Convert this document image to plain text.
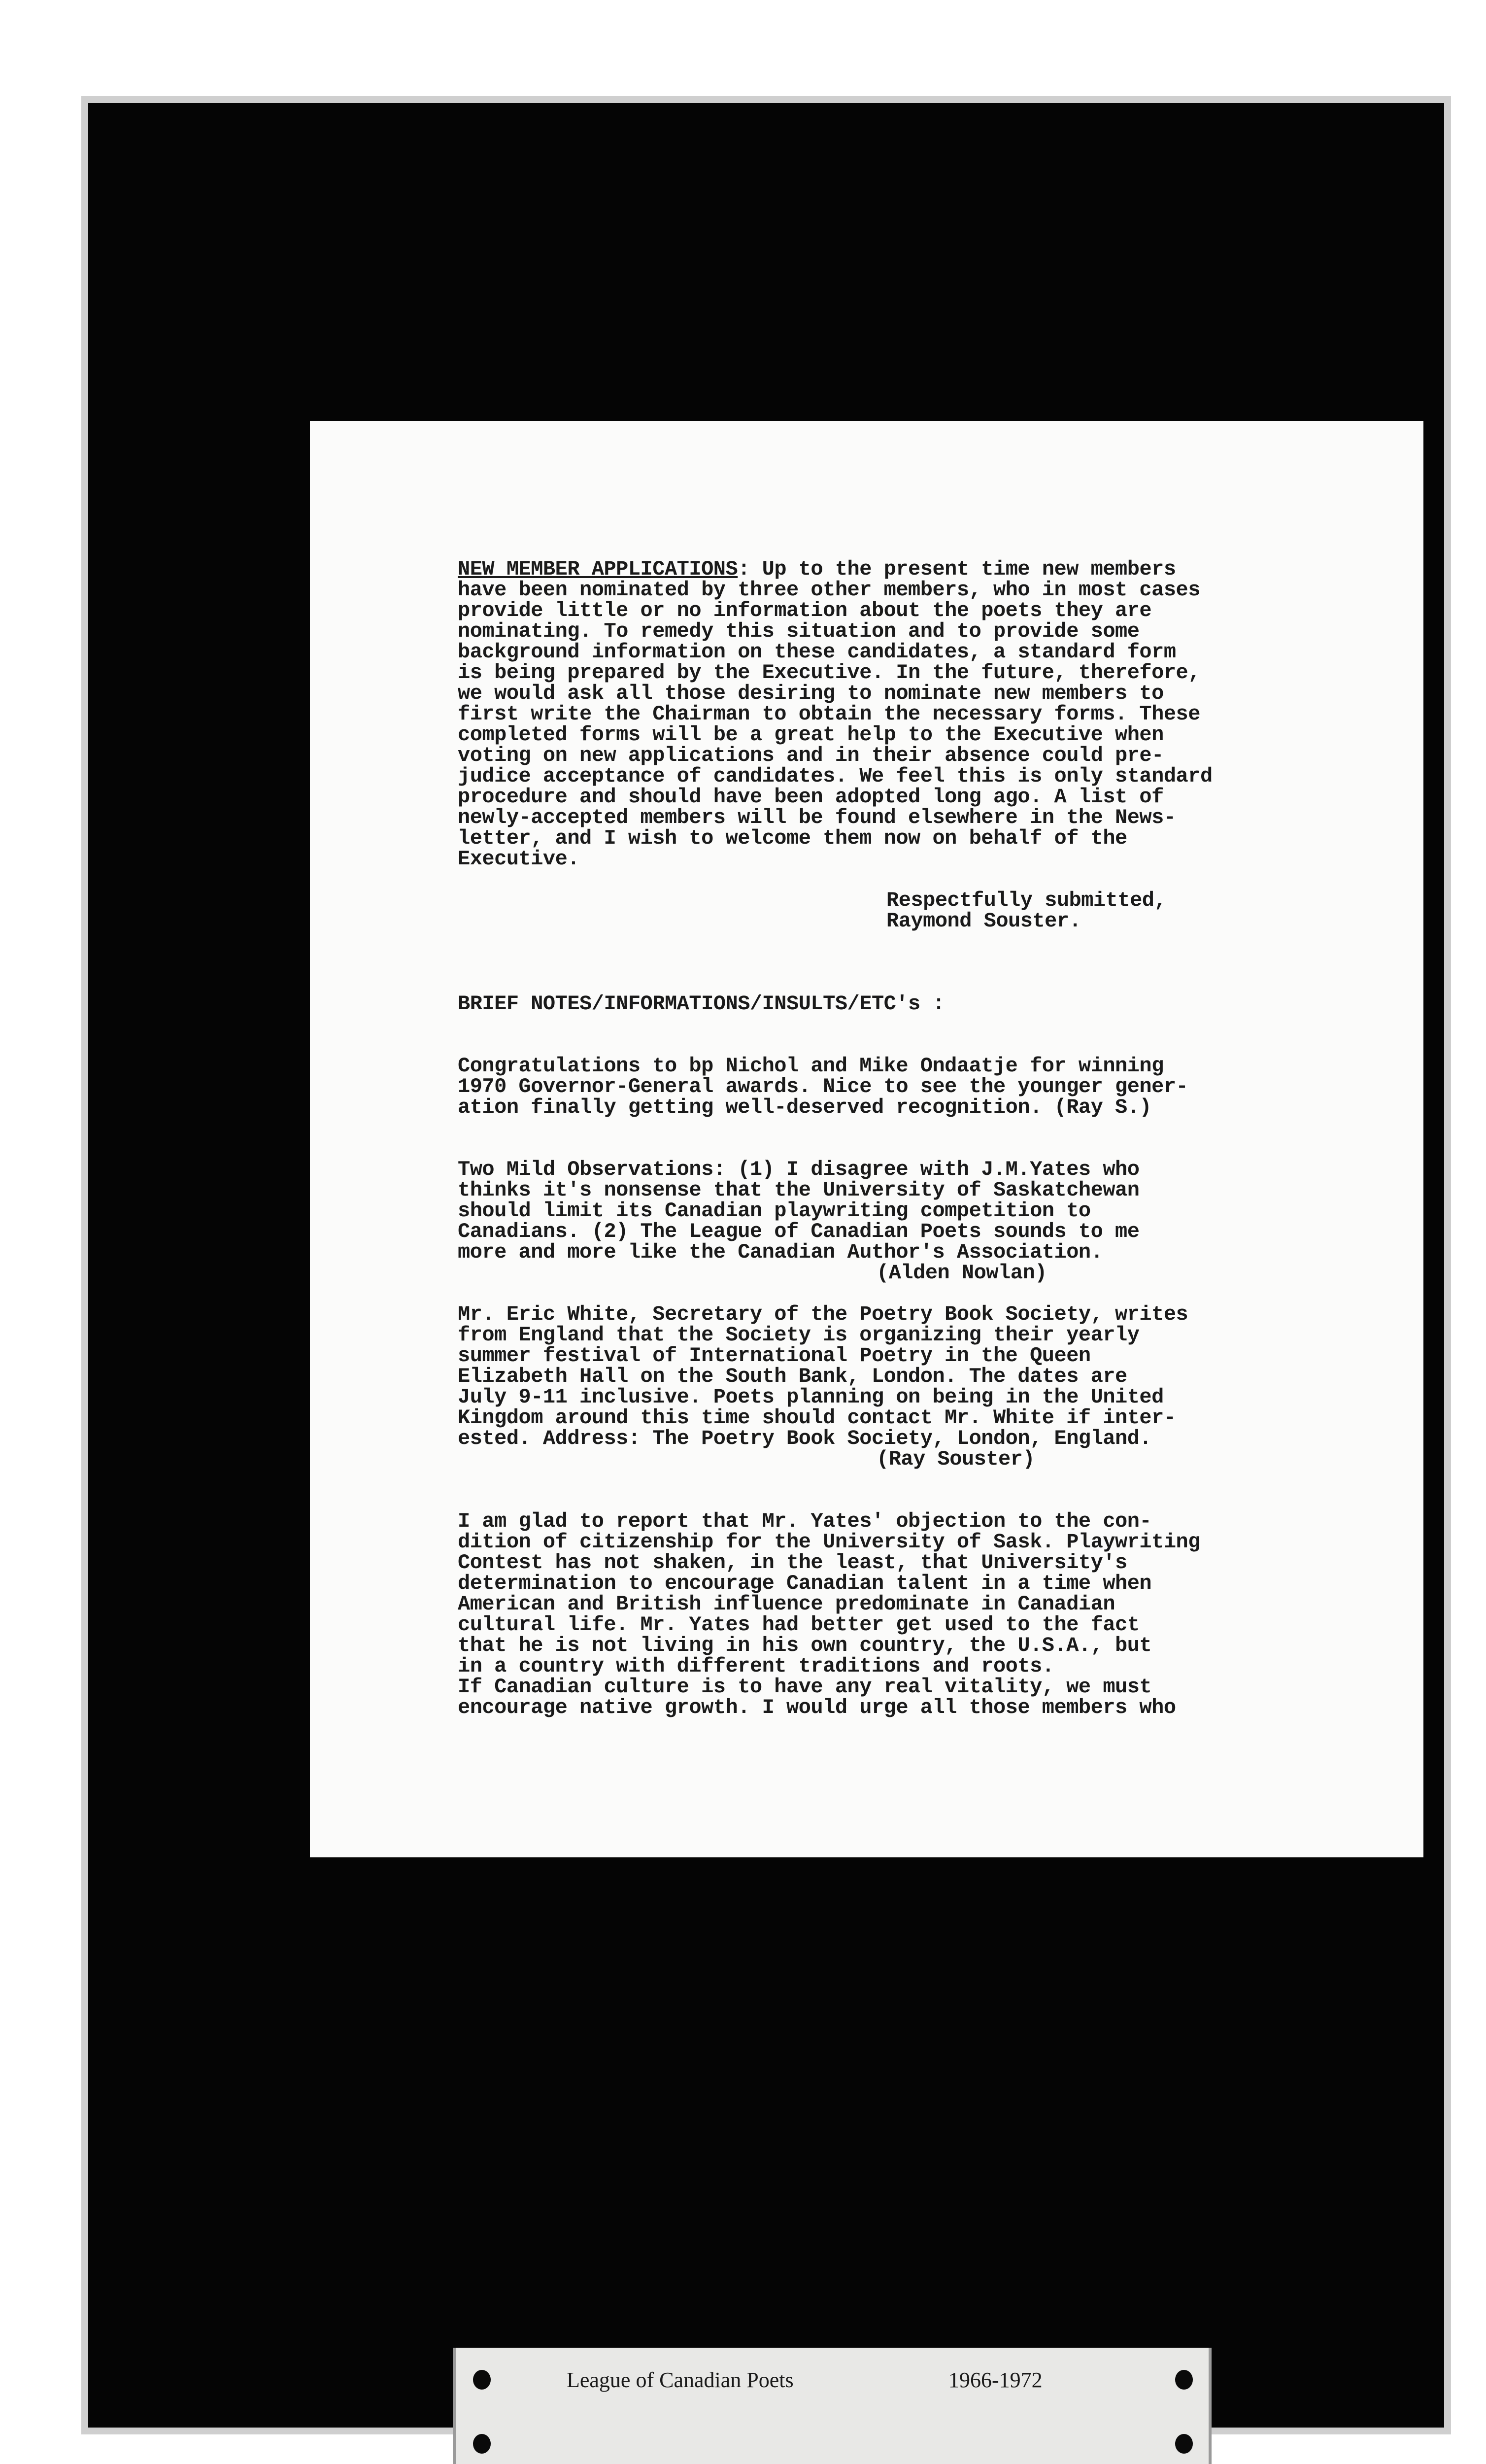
NEW MEMBER APPLICATIONS: Up to the present time new members

have been nominated by three other members, who in most cases

provide little or no information about the poets they are

nominating. To remedy this situation and to provide some

background information on these candidates, a standard form

is being prepared by the Executive. In the future, therefore,

we would ask all those desiring to nominate new members to

first write the Chairman to obtain the necessary forms. These

completed forms will be a great help to the Executive when

voting on new applications and in their absence could pre-

judice acceptance of candidates. We feel this is only standard

procedure and should have been adopted long ago. A list of

newly-accepted members will be found elsewhere in the News-

letter, and I wish to welcome them now on behalf of the

Executive.

Respectfully submitted,

Raymond Souster.

BRIEF NOTES/INFORMATIONS/INSULTS/ETC's :

Congratulations to bp Nichol and Mike Ondaatje for winning

1970 Governor-General awards. Nice to see the younger gener-

ation finally getting well-deserved recognition. (Ray S.)

Two Mild Observations: (1) I disagree with J.M.Yates who

thinks it's nonsense that the University of Saskatchewan

should limit its Canadian playwriting competition to

Canadians. (2) The League of Canadian Poets sounds to me

more and more like the Canadian Author's Association.

(Alden Nowlan)

Mr. Eric White, Secretary of the Poetry Book Society, writes

from England that the Society is organizing their yearly

summer festival of International Poetry in the Queen

Elizabeth Hall on the South Bank, London. The dates are

July 9-11 inclusive. Poets planning on being in the United

Kingdom around this time should contact Mr. White if inter-

ested. Address: The Poetry Book Society, London, England.

(Ray Souster)

I am glad to report that Mr. Yates' objection to the con-

dition of citizenship for the University of Sask. Playwriting

Contest has not shaken, in the least, that University's

determination to encourage Canadian talent in a time when

American and British influence predominate in Canadian

cultural life. Mr. Yates had better get used to the fact

that he is not living in his own country, the U.S.A., but

in a country with different traditions and roots.

If Canadian culture is to have any real vitality, we must

encourage native growth. I would urge all those members who

League of Canadian Poets	1966-1972
